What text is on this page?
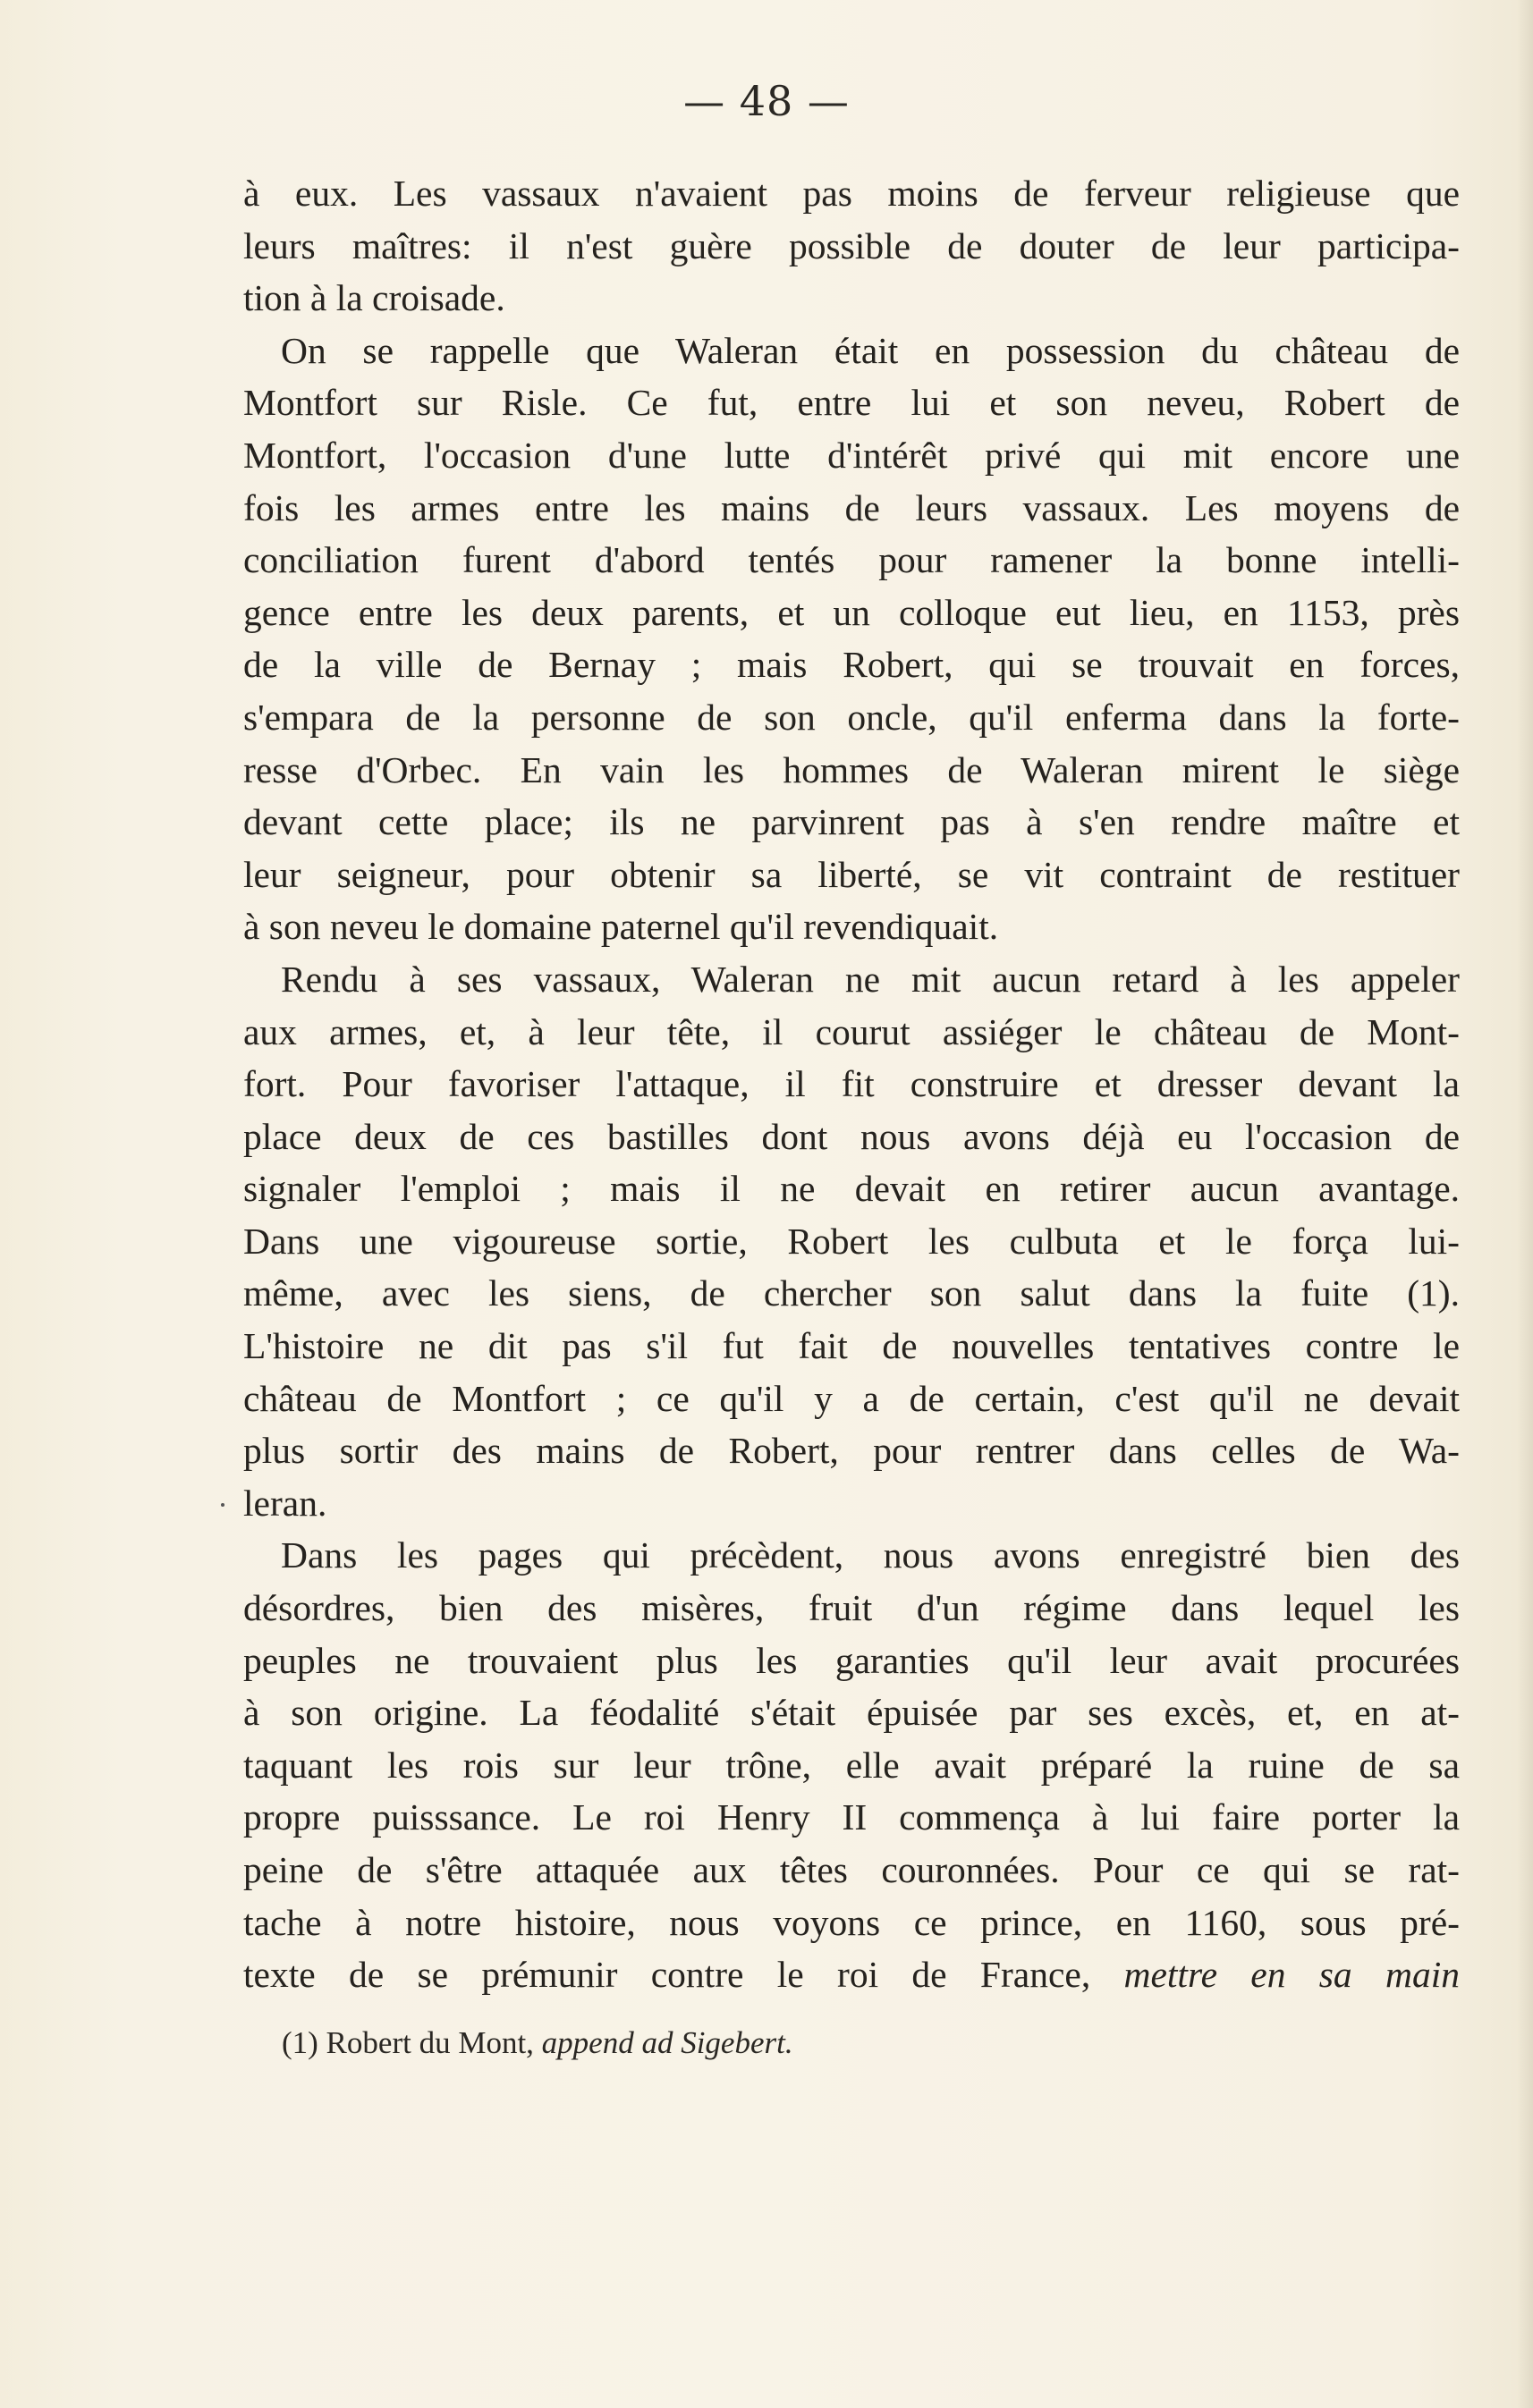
— 48 —
à eux. Les vassaux n'avaient pas moins de ferveur religieuse que
leurs maîtres: il n'est guère possible de douter de leur participa-
tion à la croisade.
On se rappelle que Waleran était en possession du château de
Montfort sur Risle. Ce fut, entre lui et son neveu, Robert de
Montfort, l'occasion d'une lutte d'intérêt privé qui mit encore une
fois les armes entre les mains de leurs vassaux. Les moyens de
conciliation furent d'abord tentés pour ramener la bonne intelli-
gence entre les deux parents, et un colloque eut lieu, en 1153, près
de la ville de Bernay ; mais Robert, qui se trouvait en forces,
s'empara de la personne de son oncle, qu'il enferma dans la forte-
resse d'Orbec. En vain les hommes de Waleran mirent le siège
devant cette place; ils ne parvinrent pas à s'en rendre maître et
leur seigneur, pour obtenir sa liberté, se vit contraint de restituer
à son neveu le domaine paternel qu'il revendiquait.
Rendu à ses vassaux, Waleran ne mit aucun retard à les appeler
aux armes, et, à leur tête, il courut assiéger le château de Mont-
fort. Pour favoriser l'attaque, il fit construire et dresser devant la
place deux de ces bastilles dont nous avons déjà eu l'occasion de
signaler l'emploi ; mais il ne devait en retirer aucun avantage.
Dans une vigoureuse sortie, Robert les culbuta et le força lui-
même, avec les siens, de chercher son salut dans la fuite (1).
L'histoire ne dit pas s'il fut fait de nouvelles tentatives contre le
château de Montfort ; ce qu'il y a de certain, c'est qu'il ne devait
plus sortir des mains de Robert, pour rentrer dans celles de Wa-
leran.
Dans les pages qui précèdent, nous avons enregistré bien des
désordres, bien des misères, fruit d'un régime dans lequel les
peuples ne trouvaient plus les garanties qu'il leur avait procurées
à son origine. La féodalité s'était épuisée par ses excès, et, en at-
taquant les rois sur leur trône, elle avait préparé la ruine de sa
propre puisssance. Le roi Henry II commença à lui faire porter la
peine de s'être attaquée aux têtes couronnées. Pour ce qui se rat-
tache à notre histoire, nous voyons ce prince, en 1160, sous pré-
texte de se prémunir contre le roi de France, mettre en sa main
(1) Robert du Mont, append ad Sigebert.
